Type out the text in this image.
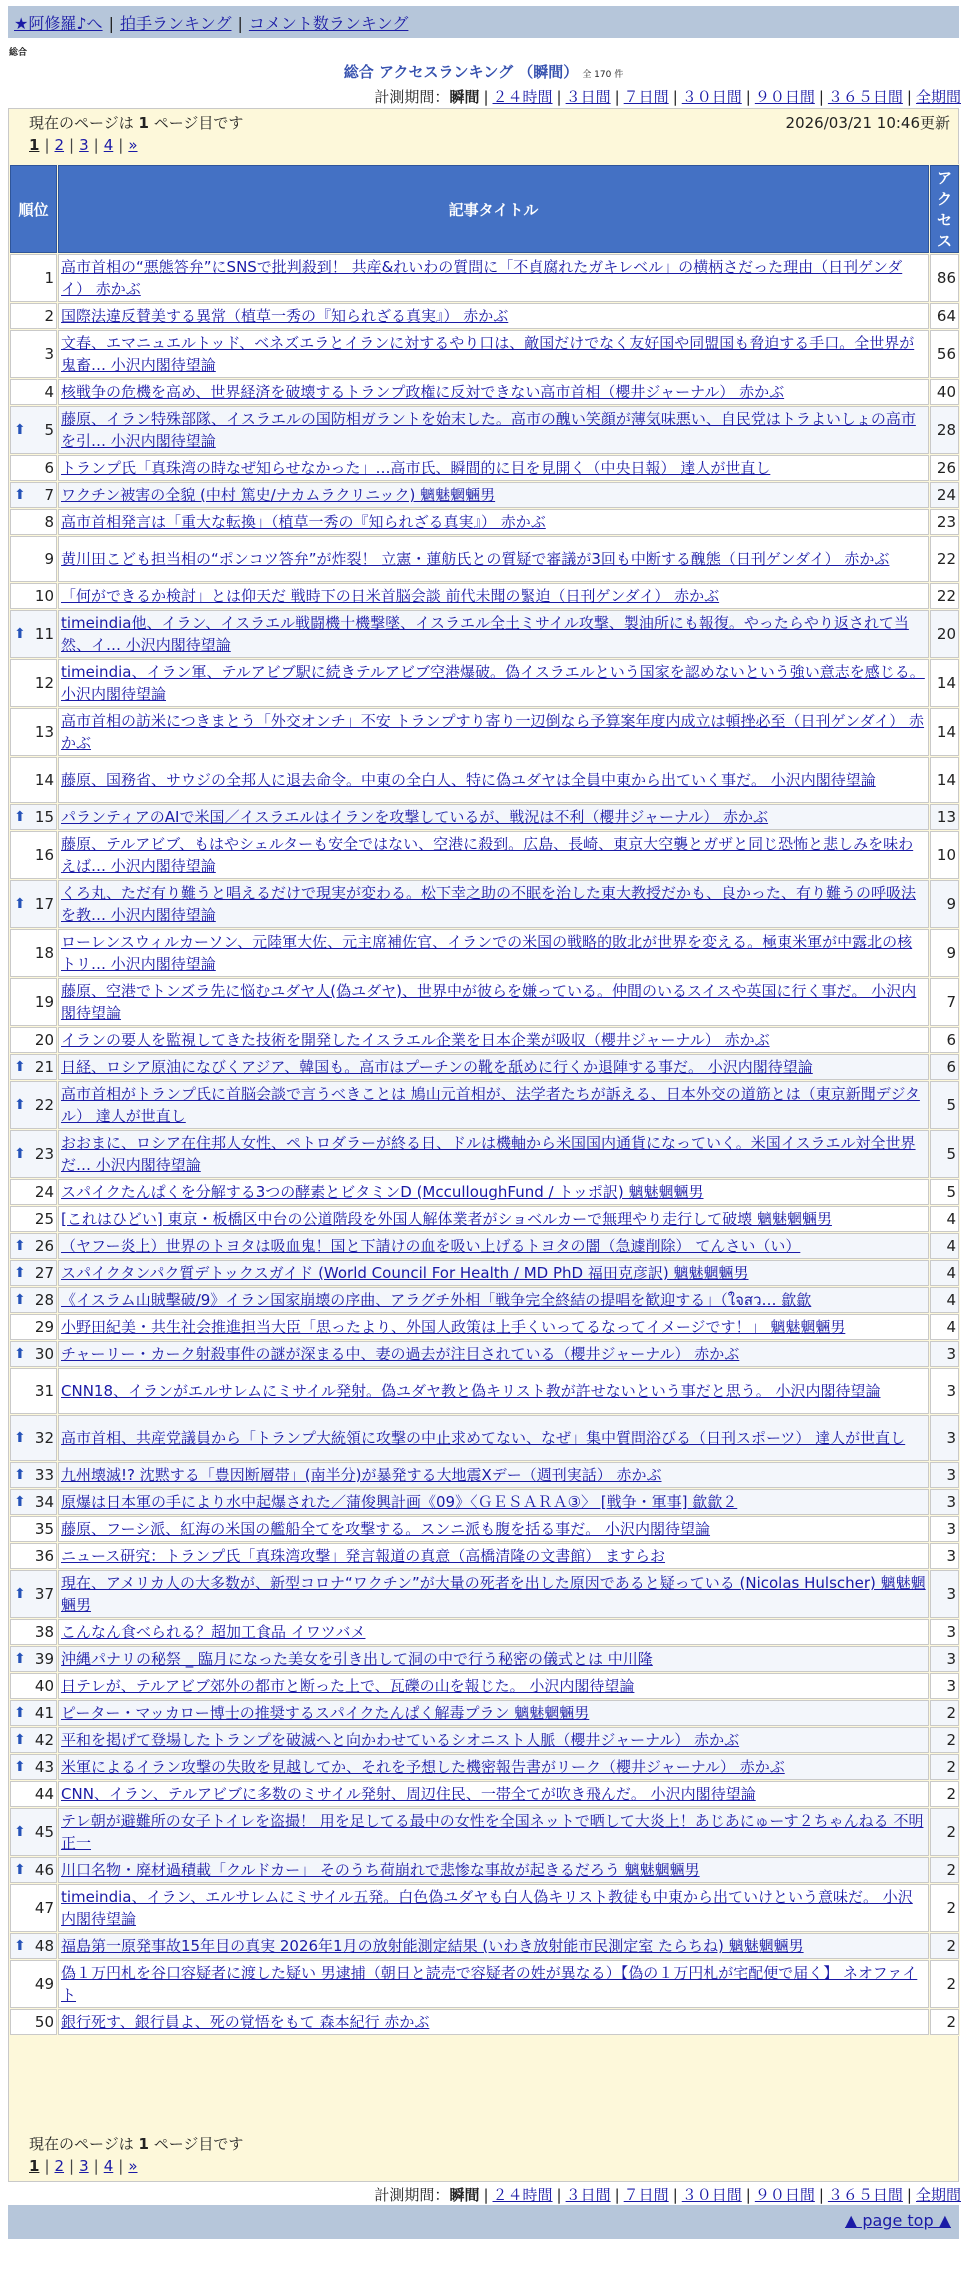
★阿修羅♪へ | 拍手ランキング | コメント数ランキング
総合
総合 アクセスランキング （瞬間） 全 170 件
計測期間：瞬間 | ２４時間 | ３日間 | ７日間 | ３０日間 | ９０日間 | ３６５日間 | 全期間
現在のページは 1 ページ目です	2026/03/21 10:46更新
1 | 2 | 3 | 4 | »
順位	記事タイトル	アクセス
1	高市首相の“悪態答弁”にSNSで批判殺到！ 共産&れいわの質問に「不貞腐れたガキレベル」の横柄さだった理由（日刊ゲンダイ） 赤かぶ	86
2	国際法違反賛美する異常（植草一秀の『知られざる真実』） 赤かぶ	64
3	文春、エマニュエルトッド、ベネズエラとイランに対するやり口は、敵国だけでなく友好国や同盟国も脅迫する手口。全世界が鬼畜… 小沢内閣待望論	56
4	核戦争の危機を高め、世界経済を破壊するトランプ政権に反対できない高市首相（櫻井ジャーナル） 赤かぶ	40

⬆ 5	藤原、イラン特殊部隊、イスラエルの国防相ガラントを始末した。高市の醜い笑顔が薄気味悪い、自民党はトラよいしょの高市を引… 小沢内閣待望論	28
6	トランプ氏「真珠湾の時なぜ知らせなかった」…高市氏、瞬間的に目を見開く（中央日報） 達人が世直し	26

⬆ 7	ワクチン被害の全貌 (中村 篤史/ナカムラクリニック) 魑魅魍魎男	24
8	高市首相発言は「重大な転換」（植草一秀の『知られざる真実』） 赤かぶ	23
9	黄川田こども担当相の“ポンコツ答弁”が炸裂！ 立憲・蓮舫氏との質疑で審議が3回も中断する醜態（日刊ゲンダイ） 赤かぶ	22
10	「何ができるか検討」とは仰天だ 戦時下の日米首脳会談 前代未聞の緊迫（日刊ゲンダイ） 赤かぶ	22

⬆ 11	timeindia他、イラン、イスラエル戦闘機十機撃墜、イスラエル全土ミサイル攻撃、製油所にも報復。やったらやり返されて当然、イ… 小沢内閣待望論	20
12	timeindia、イラン軍、テルアビブ駅に続きテルアビブ空港爆破。偽イスラエルという国家を認めないという強い意志を感じる。 小沢内閣待望論	14
13	高市首相の訪米につきまとう「外交オンチ」不安 トランプすり寄り一辺倒なら予算案年度内成立は頓挫必至（日刊ゲンダイ） 赤かぶ	14
14	藤原、国務省、サウジの全邦人に退去命令。中東の全白人、特に偽ユダヤは全員中東から出ていく事だ。 小沢内閣待望論	14

⬆ 15	パランティアのAIで米国／イスラエルはイランを攻撃しているが、戦況は不利（櫻井ジャーナル） 赤かぶ	13
16	藤原、テルアビブ、もはやシェルターも安全ではない、空港に殺到。広島、長崎、東京大空襲とガザと同じ恐怖と悲しみを味わえば… 小沢内閣待望論	10

⬆ 17	くろ丸、ただ有り難うと唱えるだけで現実が変わる。松下幸之助の不眠を治した東大教授だかも、良かった、有り難うの呼吸法を教… 小沢内閣待望論	9
18	ローレンスウィルカーソン、元陸軍大佐、元主席補佐官、イランでの米国の戦略的敗北が世界を変える。極東米軍が中露北の核トリ… 小沢内閣待望論	9
19	藤原、空港でトンズラ先に悩むユダヤ人(偽ユダヤ)、世界中が彼らを嫌っている。仲間のいるスイスや英国に行く事だ。 小沢内閣待望論	7
20	イランの要人を監視してきた技術を開発したイスラエル企業を日本企業が吸収（櫻井ジャーナル） 赤かぶ	6

⬆ 21	日経、ロシア原油になびくアジア、韓国も。高市はプーチンの靴を舐めに行くか退陣する事だ。 小沢内閣待望論	6

⬆ 22	高市首相がトランプ氏に首脳会談で言うべきことは 鳩山元首相が、法学者たちが訴える、日本外交の道筋とは（東京新聞デジタル） 達人が世直し	5

⬆ 23	おおまに、ロシア在住邦人女性、ペトロダラーが終る日、ドルは機軸から米国国内通貨になっていく。米国イスラエル対全世界だ… 小沢内閣待望論	5
24	スパイクたんぱくを分解する3つの酵素とビタミンD (McculloughFund / トッポ訳) 魑魅魍魎男	5
25	[これはひどい] 東京・板橋区中台の公道階段を外国人解体業者がショベルカーで無理やり走行して破壊 魑魅魍魎男	4

⬆ 26	（ヤフー炎上）世界のトヨタは吸血鬼！国と下請けの血を吸い上げるトヨタの闇（急遽削除） てんさい（い）	4

⬆ 27	スパイクタンパク質デトックスガイド (World Council For Health / MD PhD 福田克彦訳) 魑魅魍魎男	4

⬆ 28	《イスラム山賊擊破/9》イラン国家崩壊の序曲、アラグチ外相「戦争完全終結の提唱を歓迎する」（ใจสว… 歙歙	4
29	小野田紀美・共生社会推進担当大臣「思ったより、外国人政策は上手くいってるなってイメージです！」 魑魅魍魎男	4

⬆ 30	チャーリー・カーク射殺事件の謎が深まる中、妻の過去が注目されている（櫻井ジャーナル） 赤かぶ	3
31	CNN18、イランがエルサレムにミサイル発射。偽ユダヤ教と偽キリスト教が許せないという事だと思う。 小沢内閣待望論	3

⬆ 32	高市首相、共産党議員から「トランプ大統領に攻撃の中止求めてない、なぜ」集中質問浴びる（日刊スポーツ） 達人が世直し	3

⬆ 33	九州壊滅!? 沈黙する「豊因断層帯」(南半分)が暴発する大地震Xデー（週刊実話） 赤かぶ	3

⬆ 34	原爆は日本軍の手により水中起爆された／蒲俊興計画《09》〈ＧＥＳＡＲＡ③〉 [戦争・軍事] 歙歙２	3
35	藤原、フーシ派、紅海の米国の艦船全てを攻撃する。スンニ派も腹を括る事だ。 小沢内閣待望論	3
36	ニュース研究：トランプ氏「真珠湾攻撃」発言報道の真意（高橋清隆の文書館） ますらお	3

⬆ 37	現在、アメリカ人の大多数が、新型コロナ“ワクチン”が大量の死者を出した原因であると疑っている (Nicolas Hulscher) 魑魅魍魎男	3
38	こんなん食べられる？超加工食品 イワツバメ	3

⬆ 39	沖縄パナリの秘祭 _ 臨月になった美女を引き出して洞の中で行う秘密の儀式とは 中川隆	3
40	日テレが、テルアビブ郊外の都市と断った上で、瓦礫の山を報じた。 小沢内閣待望論	3

⬆ 41	ピーター・マッカロー博士の推奨するスパイクたんぱく解毒プラン 魑魅魍魎男	2

⬆ 42	平和を掲げて登場したトランプを破滅へと向かわせているシオニスト人脈（櫻井ジャーナル） 赤かぶ	2

⬆ 43	米軍によるイラン攻撃の失敗を見越してか、それを予想した機密報告書がリーク（櫻井ジャーナル） 赤かぶ	2
44	CNN、イラン、テルアビブに多数のミサイル発射、周辺住民、一帯全てが吹き飛んだ。 小沢内閣待望論	2

⬆ 45	テレ朝が避難所の女子トイレを盗撮！ 用を足してる最中の女性を全国ネットで晒して大炎上！あじあにゅーす２ちゃんねる 不明正一	2

⬆ 46	川口名物・廃材過積載「クルドカー」 そのうち荷崩れで悲惨な事故が起きるだろう 魑魅魍魎男	2
47	timeindia、イラン、エルサレムにミサイル五発。白色偽ユダヤも白人偽キリスト教徒も中東から出ていけという意味だ。 小沢内閣待望論	2

⬆ 48	福島第一原発事故15年目の真実 2026年1月の放射能測定結果 (いわき放射能市民測定室 たらちね) 魑魅魍魎男	2
49	偽１万円札を谷口容疑者に渡した疑い 男逮捕（朝日と読売で容疑者の姓が異なる）【偽の１万円札が宅配便で届く】 ネオファイト	2
50	銀行死す、銀行員よ、死の覚悟をもて 森本紀行 赤かぶ	2
現在のページは 1 ページ目です
1 | 2 | 3 | 4 | »
計測期間：瞬間 | ２４時間 | ３日間 | ７日間 | ３０日間 | ９０日間 | ３６５日間 | 全期間
▲ page top ▲
